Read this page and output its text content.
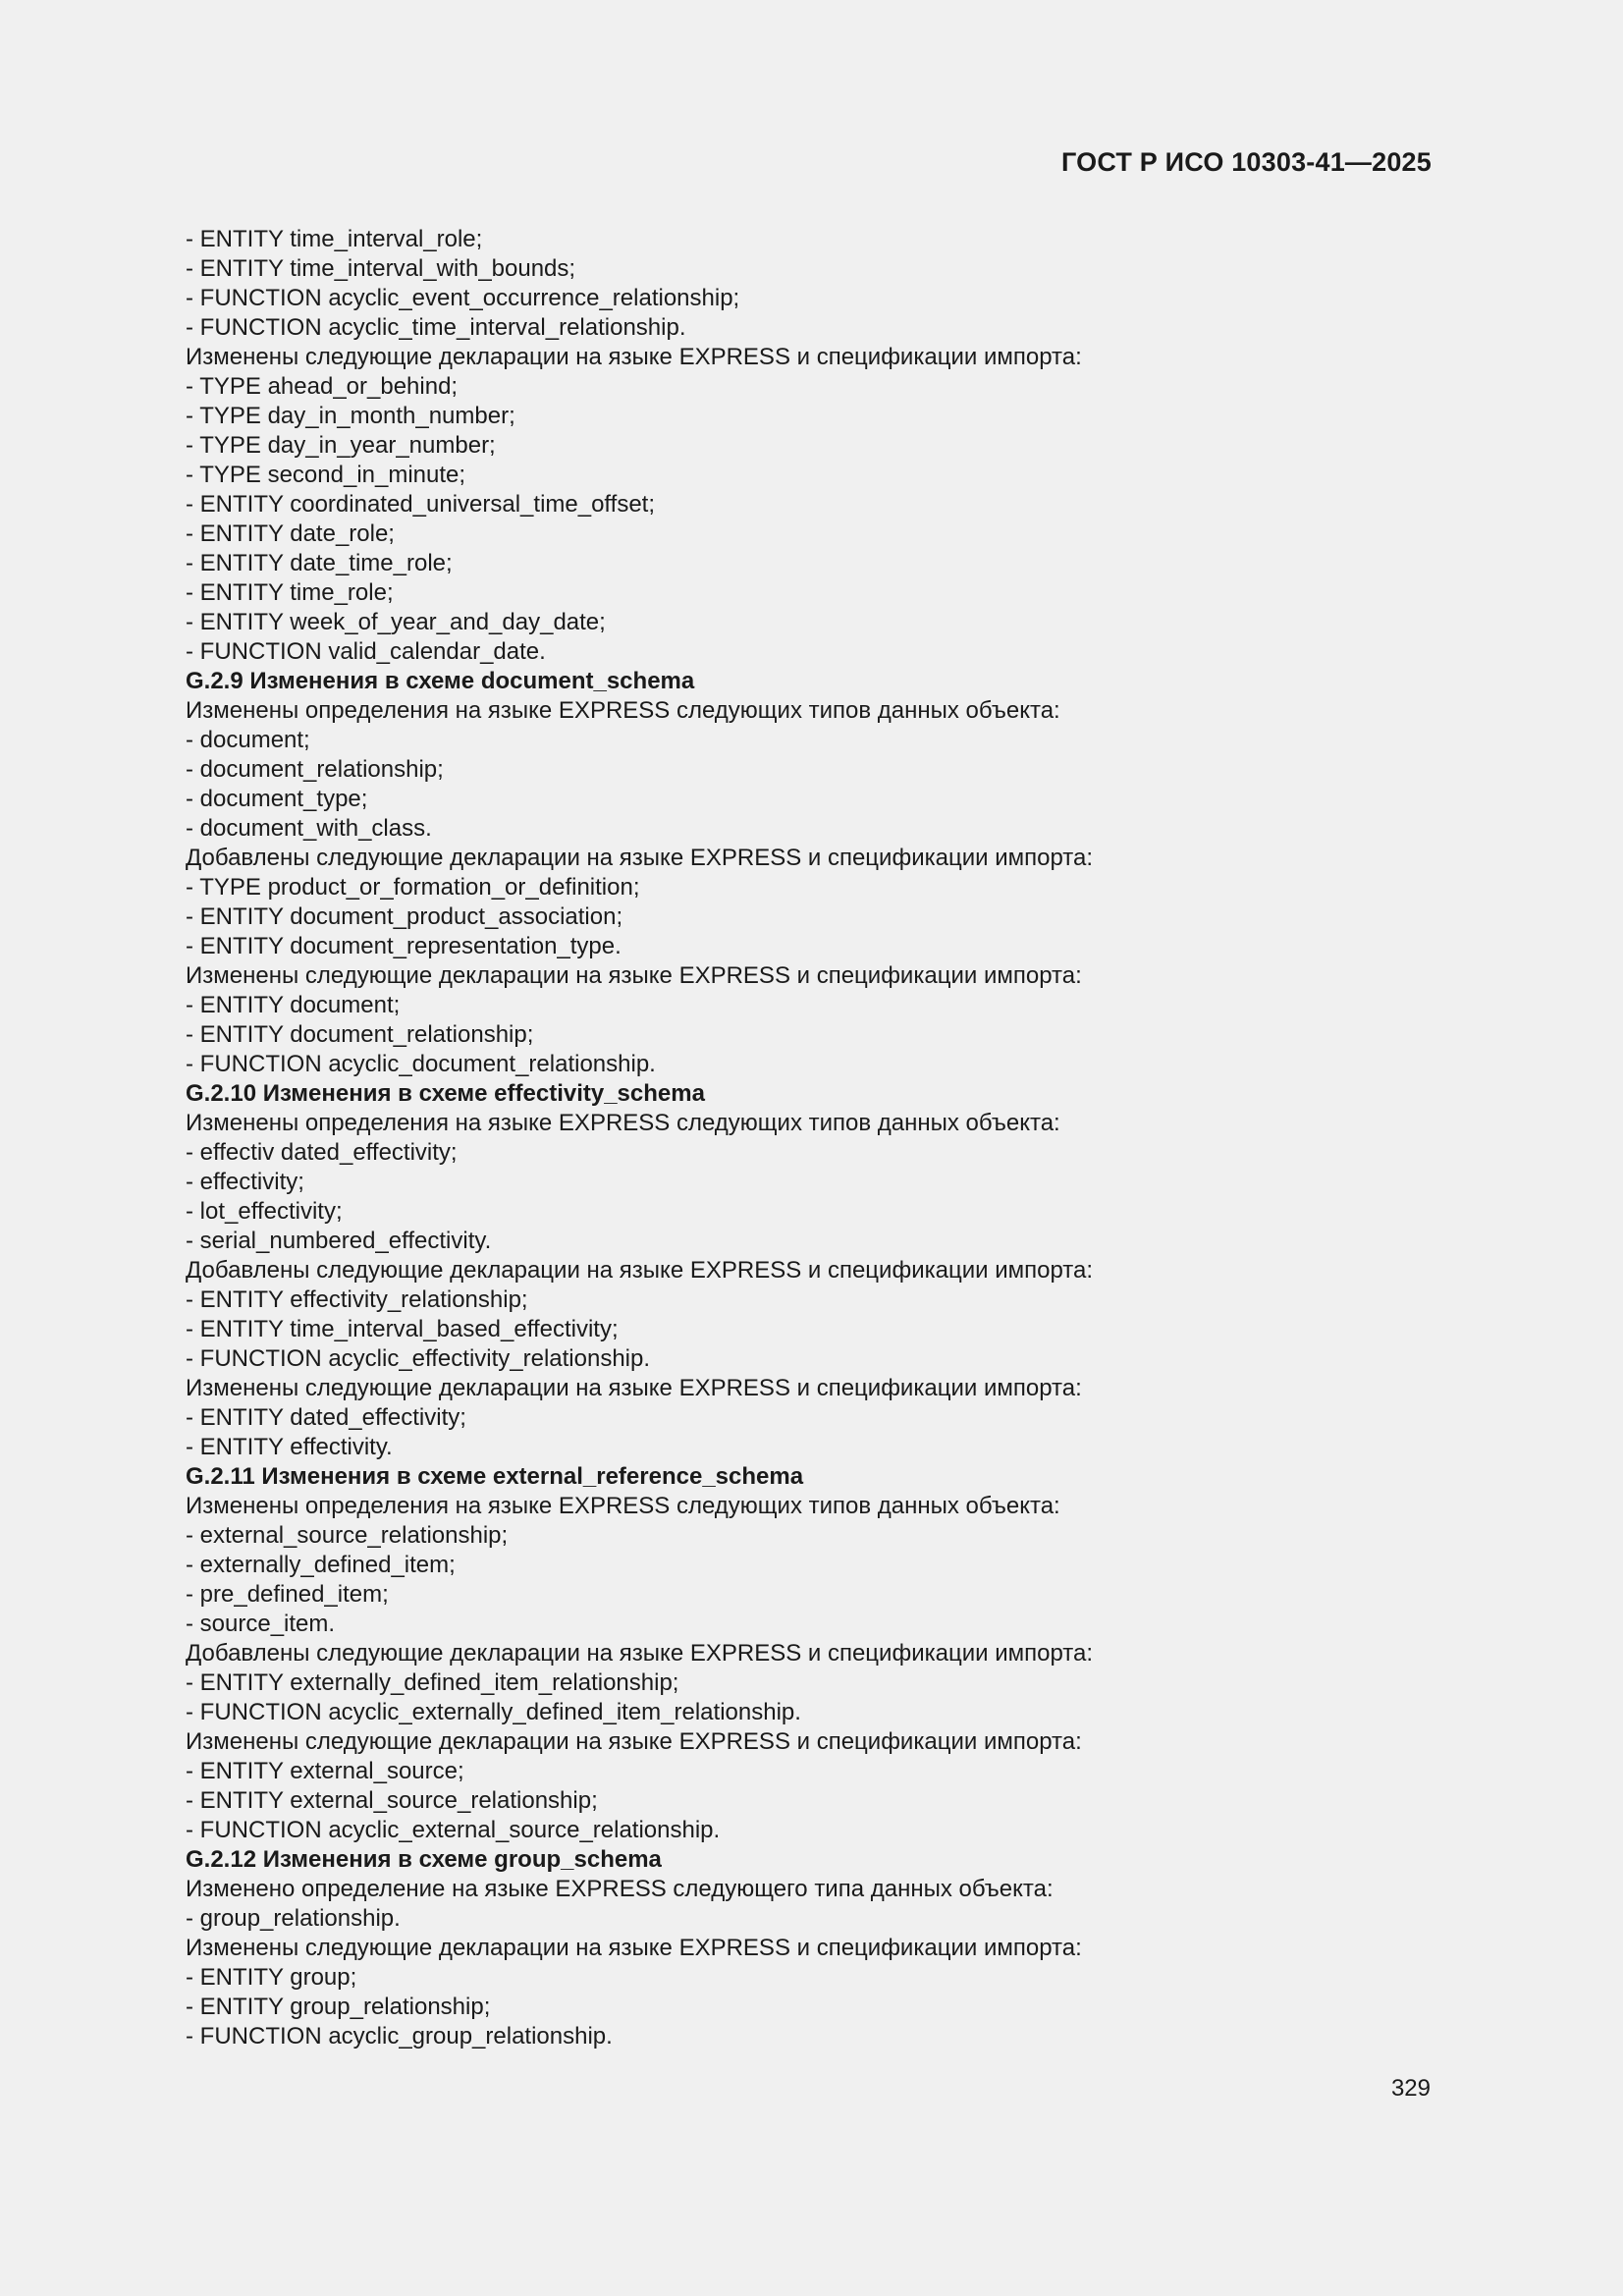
ГОСТ Р ИСО 10303-41—2025
- ENTITY time_interval_role;
- ENTITY time_interval_with_bounds;
- FUNCTION acyclic_event_occurrence_relationship;
- FUNCTION acyclic_time_interval_relationship.
Изменены следующие декларации на языке EXPRESS и спецификации импорта:
- TYPE ahead_or_behind;
- TYPE day_in_month_number;
- TYPE day_in_year_number;
- TYPE second_in_minute;
- ENTITY coordinated_universal_time_offset;
- ENTITY date_role;
- ENTITY date_time_role;
- ENTITY time_role;
- ENTITY week_of_year_and_day_date;
- FUNCTION valid_calendar_date.
G.2.9 Изменения в схеме document_schema
Изменены определения на языке EXPRESS следующих типов данных объекта:
- document;
- document_relationship;
- document_type;
- document_with_class.
Добавлены следующие декларации на языке EXPRESS и спецификации импорта:
- TYPE product_or_formation_or_definition;
- ENTITY document_product_association;
- ENTITY document_representation_type.
Изменены следующие декларации на языке EXPRESS и спецификации импорта:
- ENTITY document;
- ENTITY document_relationship;
- FUNCTION acyclic_document_relationship.
G.2.10 Изменения в схеме effectivity_schema
Изменены определения на языке EXPRESS следующих типов данных объекта:
- effectiv dated_effectivity;
- effectivity;
- lot_effectivity;
- serial_numbered_effectivity.
Добавлены следующие декларации на языке EXPRESS и спецификации импорта:
- ENTITY effectivity_relationship;
- ENTITY time_interval_based_effectivity;
- FUNCTION acyclic_effectivity_relationship.
Изменены следующие декларации на языке EXPRESS и спецификации импорта:
- ENTITY dated_effectivity;
- ENTITY effectivity.
G.2.11 Изменения в схеме external_reference_schema
Изменены определения на языке EXPRESS следующих типов данных объекта:
- external_source_relationship;
- externally_defined_item;
- pre_defined_item;
- source_item.
Добавлены следующие декларации на языке EXPRESS и спецификации импорта:
- ENTITY externally_defined_item_relationship;
- FUNCTION acyclic_externally_defined_item_relationship.
Изменены следующие декларации на языке EXPRESS и спецификации импорта:
- ENTITY external_source;
- ENTITY external_source_relationship;
- FUNCTION acyclic_external_source_relationship.
G.2.12 Изменения в схеме group_schema
Изменено определение на языке EXPRESS следующего типа данных объекта:
- group_relationship.
Изменены следующие декларации на языке EXPRESS и спецификации импорта:
- ENTITY group;
- ENTITY group_relationship;
- FUNCTION acyclic_group_relationship.
329
